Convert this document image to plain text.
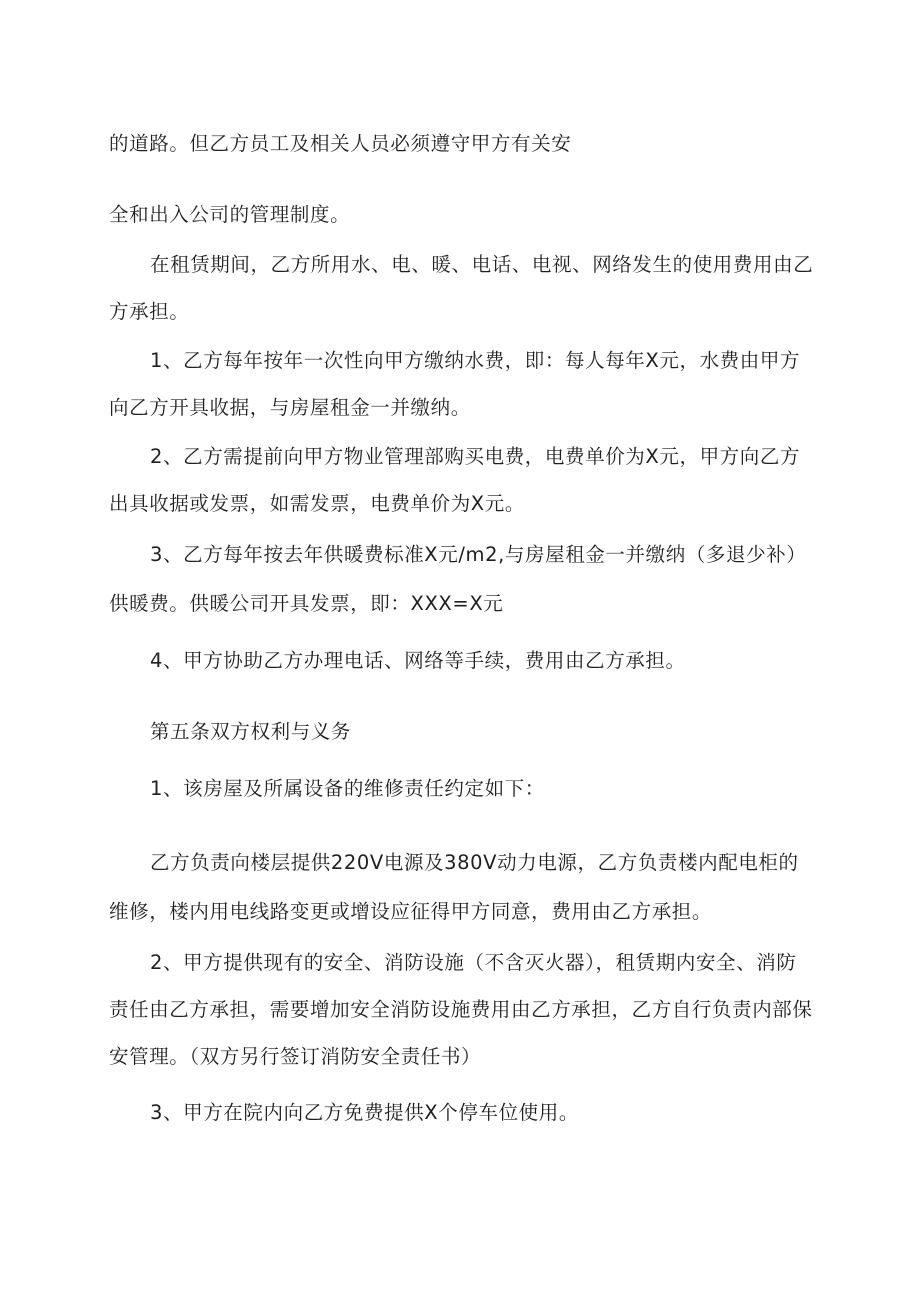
的道路。但乙方员工及相关人员必须遵守甲方有关安
全和出入公司的管理制度。
在租赁期间，乙方所用水、电、暖、电话、电视、网络发生的使用费用由乙
方承担。
1、乙方每年按年一次性向甲方缴纳水费，即：每人每年X元，水费由甲方
向乙方开具收据，与房屋租金一并缴纳。
2、乙方需提前向甲方物业管理部购买电费，电费单价为X元，甲方向乙方
出具收据或发票，如需发票，电费单价为X元。
3、乙方每年按去年供暖费标准X元/m2,与房屋租金一并缴纳（多退少补）
供暖费。供暖公司开具发票，即：XXX=X元
4、甲方协助乙方办理电话、网络等手续，费用由乙方承担。
第五条双方权利与义务
1、该房屋及所属设备的维修责任约定如下：
乙方负责向楼层提供220V电源及380V动力电源，乙方负责楼内配电柜的
维修，楼内用电线路变更或增设应征得甲方同意，费用由乙方承担。
2、甲方提供现有的安全、消防设施（不含灭火器），租赁期内安全、消防
责任由乙方承担，需要增加安全消防设施费用由乙方承担，乙方自行负责内部保
安管理。（双方另行签订消防安全责任书）
3、甲方在院内向乙方免费提供X个停车位使用。
